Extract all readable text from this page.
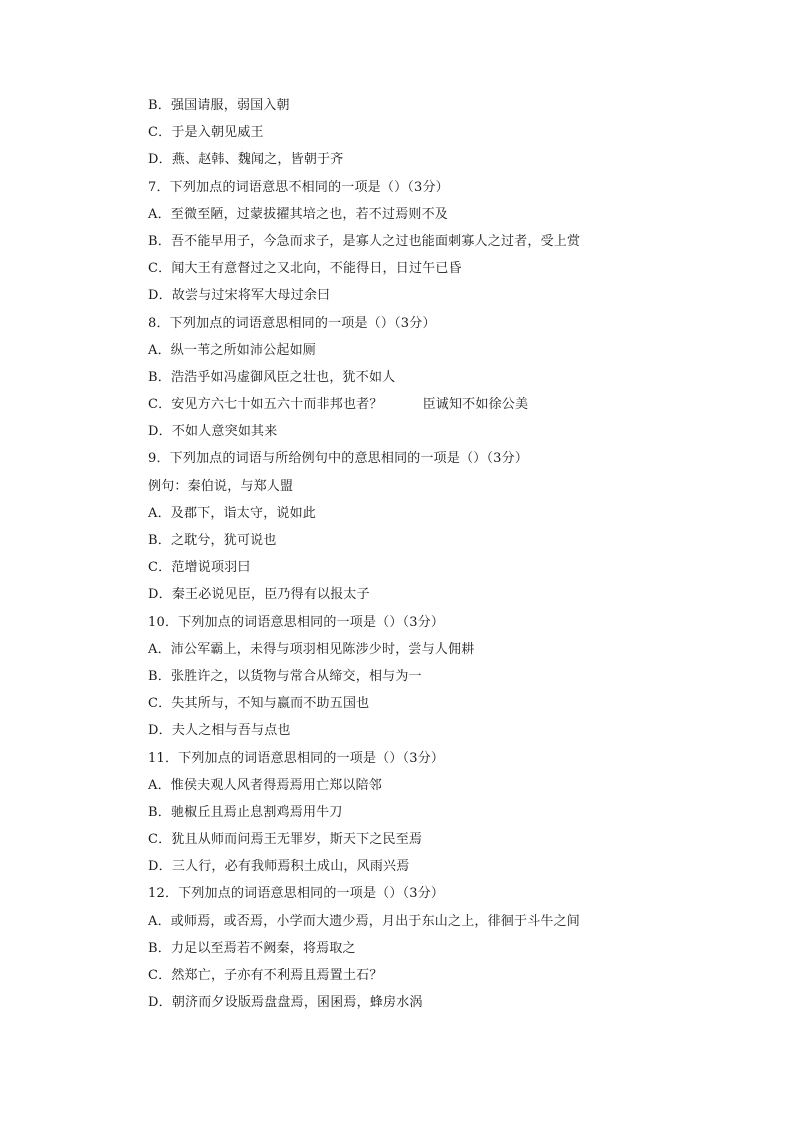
B．强国请服，弱国入朝
C．于是入朝见威王
D．燕、赵韩、魏闻之，皆朝于齐
7．下列加点的词语意思不相同的一项是（）（3分）
A．至微至陋，过蒙拔擢其培之也，若不过焉则不及
B．吾不能早用子，今急而求子，是寡人之过也能面刺寡人之过者，受上赏
C．闻大王有意督过之又北向，不能得日，日过午已昏
D．故尝与过宋将军大母过余曰
8．下列加点的词语意思相同的一项是（）（3分）
A．纵一苇之所如沛公起如厕
B．浩浩乎如冯虚御风臣之壮也，犹不如人
C．安见方六七十如五六十而非邦也者？	臣诚知不如徐公美
D．不如人意突如其来
9．下列加点的词语与所给例句中的意思相同的一项是（）（3分）
例句：秦伯说，与郑人盟
A．及郡下，诣太守，说如此
B．之耽兮，犹可说也
C．范增说项羽曰
D．秦王必说见臣，臣乃得有以报太子
10．下列加点的词语意思相同的一项是（）（3分）
A．沛公军霸上，未得与项羽相见陈涉少时，尝与人佣耕
B．张胜许之，以货物与常合从缔交，相与为一
C．失其所与，不知与嬴而不助五国也
D．夫人之相与吾与点也
11．下列加点的词语意思相同的一项是（）（3分）
A．惟侯夫观人风者得焉焉用亡郑以陪邻
B．驰椒丘且焉止息割鸡焉用牛刀
C．犹且从师而问焉王无罪岁，斯天下之民至焉
D．三人行，必有我师焉积土成山，风雨兴焉
12．下列加点的词语意思相同的一项是（）（3分）
A．或师焉，或否焉，小学而大遗少焉，月出于东山之上，徘徊于斗牛之间
B．力足以至焉若不阙秦，将焉取之
C．然郑亡，子亦有不利焉且焉置土石？
D．朝济而夕设版焉盘盘焉，囷囷焉，蜂房水涡
